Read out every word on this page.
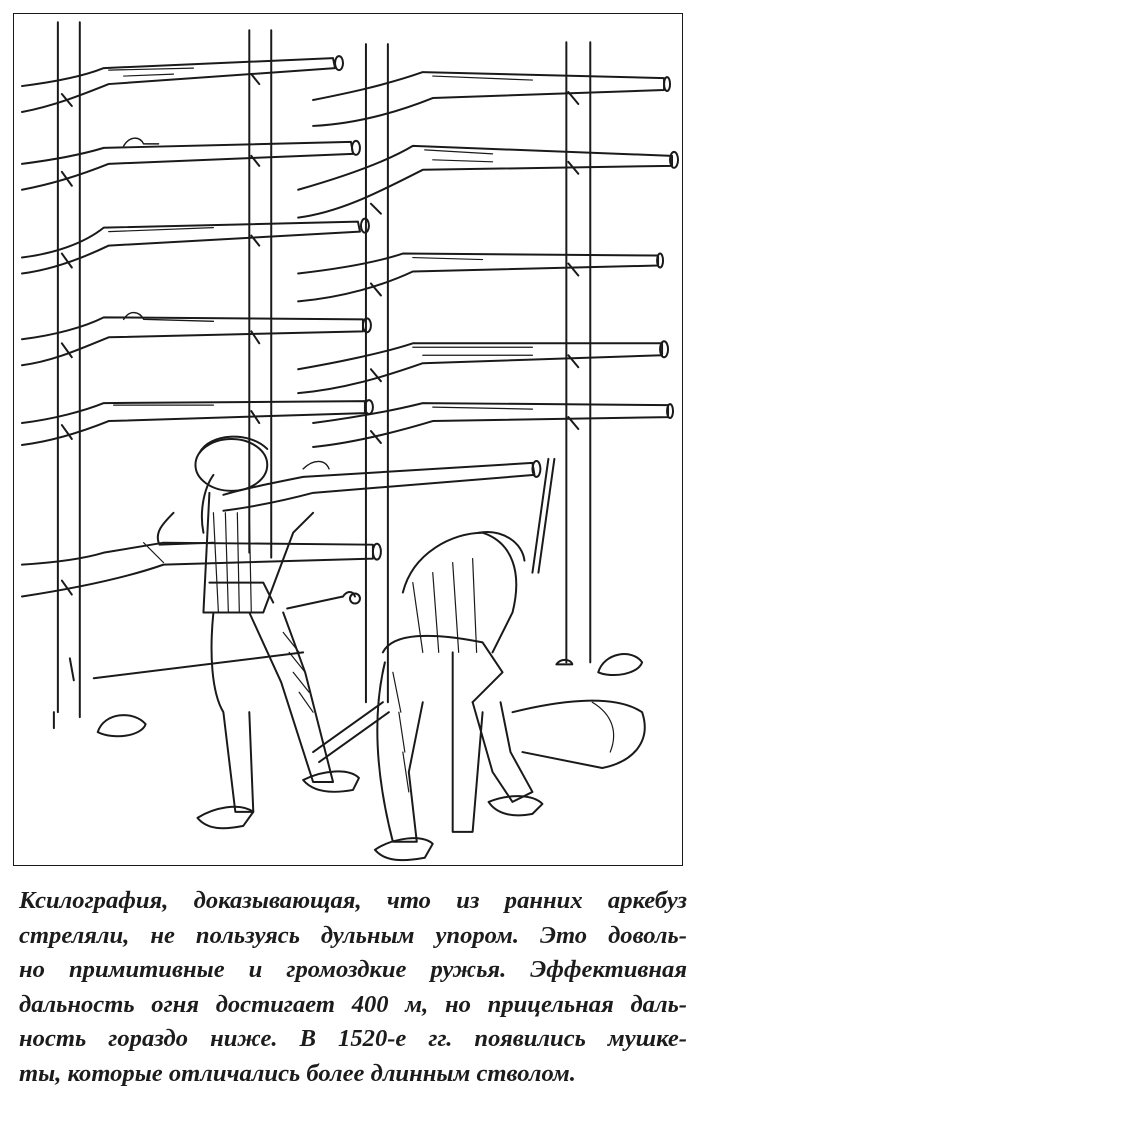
Ксилография, доказывающая, что из ранних аркебуз
стреляли, не пользуясь дульным упором. Это доволь-
но примитивные и громоздкие ружья. Эффективная
дальность огня достигает 400 м, но прицельная даль-
ность гораздо ниже. В 1520-е гг. появились мушке-
ты, которые отличались более длинным стволом.
